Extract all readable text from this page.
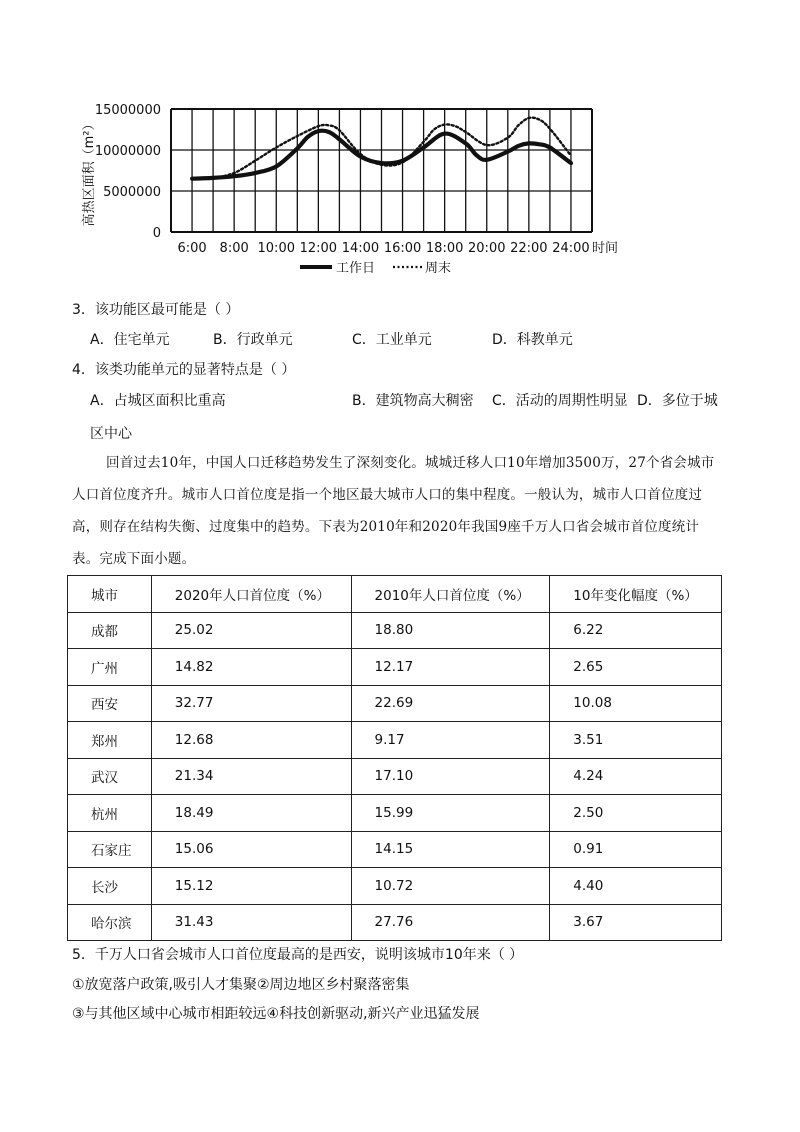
0
5000000
10000000
15000000
6:00 8:00 10:00 12:00 14:00 16:00 18:00 20:00 22:00 24:00
高热区面积（m²）
时间
工作日	周末
3．该功能区最可能是（ ）
A．住宅单元	B．行政单元	C．工业单元	D．科教单元
4．该类功能单元的显著特点是（ ）
A．占城区面积比重高	B．建筑物高大稠密 C．活动的周期性明显 D．多位于城
区中心
回首过去10年，中国人口迁移趋势发生了深刻变化。城城迁移人口10年增加3500万，27个省会城市
人口首位度齐升。城市人口首位度是指一个地区最大城市人口的集中程度。一般认为，城市人口首位度过
高，则存在结构失衡、过度集中的趋势。下表为2010年和2020年我国9座千万人口省会城市首位度统计
表。完成下面小题。
城市	2020年人口首位度（%）	2010年人口首位度（%）	10年变化幅度（%）
成都	25.02	18.80	6.22
广州	14.82	12.17	2.65
西安	32.77	22.69	10.08
郑州	12.68	9.17	3.51
武汉	21.34	17.10	4.24
杭州	18.49	15.99	2.50
石家庄	15.06	14.15	0.91
长沙	15.12	10.72	4.40
哈尔滨	31.43	27.76	3.67
5．千万人口省会城市人口首位度最高的是西安，说明该城市10年来（ ）
①放宽落户政策,吸引人才集聚②周边地区乡村聚落密集
③与其他区域中心城市相距较远④科技创新驱动,新兴产业迅猛发展
